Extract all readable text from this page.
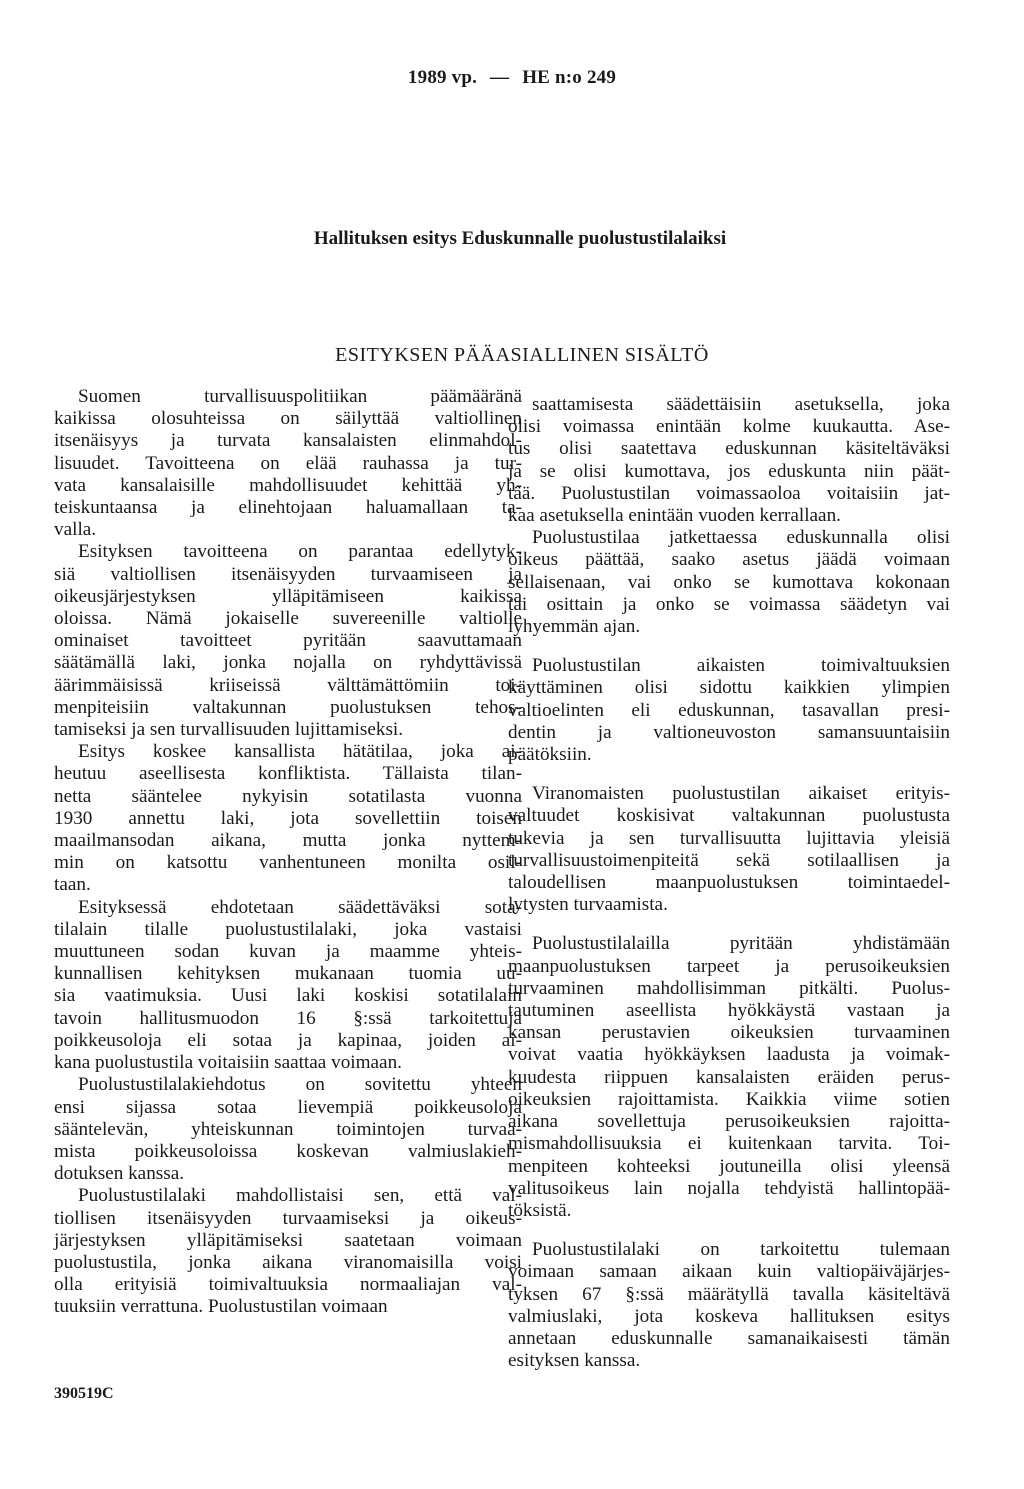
1989 vp. — HE n:o 249
Hallituksen esitys Eduskunnalle puolustustilalaiksi
ESITYKSEN PÄÄASIALLINEN SISÄLTÖ
Suomen turvallisuuspolitiikan päämääränä
kaikissa olosuhteissa on säilyttää valtiollinen
itsenäisyys ja turvata kansalaisten elinmahdol-
lisuudet. Tavoitteena on elää rauhassa ja tur-
vata kansalaisille mahdollisuudet kehittää yh-
teiskuntaansa ja elinehtojaan haluamallaan ta-
valla.
Esityksen tavoitteena on parantaa edellytyk-
siä valtiollisen itsenäisyyden turvaamiseen ja
oikeusjärjestyksen ylläpitämiseen kaikissa
oloissa. Nämä jokaiselle suvereenille valtiolle
ominaiset tavoitteet pyritään saavuttamaan
säätämällä laki, jonka nojalla on ryhdyttävissä
äärimmäisissä kriiseissä välttämättömiin toi-
menpiteisiin valtakunnan puolustuksen tehos-
tamiseksi ja sen turvallisuuden lujittamiseksi.
Esitys koskee kansallista hätätilaa, joka ai-
heutuu aseellisesta konfliktista. Tällaista tilan-
netta sääntelee nykyisin sotatilasta vuonna
1930 annettu laki, jota sovellettiin toisen
maailmansodan aikana, mutta jonka nyttem-
min on katsottu vanhentuneen monilta osil-
taan.
Esityksessä ehdotetaan säädettäväksi sota-
tilalain tilalle puolustustilalaki, joka vastaisi
muuttuneen sodan kuvan ja maamme yhteis-
kunnallisen kehityksen mukanaan tuomia uu-
sia vaatimuksia. Uusi laki koskisi sotatilalain
tavoin hallitusmuodon 16 §:ssä tarkoitettuja
poikkeusoloja eli sotaa ja kapinaa, joiden ai-
kana puolustustila voitaisiin saattaa voimaan.
Puolustustilalakiehdotus on sovitettu yhteen
ensi sijassa sotaa lievempiä poikkeusoloja
sääntelevän, yhteiskunnan toimintojen turvaa-
mista poikkeusoloissa koskevan valmiuslakieh-
dotuksen kanssa.
Puolustustilalaki mahdollistaisi sen, että val-
tiollisen itsenäisyyden turvaamiseksi ja oikeus-
järjestyksen ylläpitämiseksi saatetaan voimaan
puolustustila, jonka aikana viranomaisilla voisi
olla erityisiä toimivaltuuksia normaaliajan val-
tuuksiin verrattuna. Puolustustilan voimaan
saattamisesta säädettäisiin asetuksella, joka
olisi voimassa enintään kolme kuukautta. Ase-
tus olisi saatettava eduskunnan käsiteltäväksi
ja se olisi kumottava, jos eduskunta niin päät-
tää. Puolustustilan voimassaoloa voitaisiin jat-
kaa asetuksella enintään vuoden kerrallaan.
Puolustustilaa jatkettaessa eduskunnalla olisi
oikeus päättää, saako asetus jäädä voimaan
sellaisenaan, vai onko se kumottava kokonaan
tai osittain ja onko se voimassa säädetyn vai
lyhyemmän ajan.
Puolustustilan aikaisten toimivaltuuksien
käyttäminen olisi sidottu kaikkien ylimpien
valtioelinten eli eduskunnan, tasavallan presi-
dentin ja valtioneuvoston samansuuntaisiin
päätöksiin.
Viranomaisten puolustustilan aikaiset erityis-
valtuudet koskisivat valtakunnan puolustusta
tukevia ja sen turvallisuutta lujittavia yleisiä
turvallisuustoimenpiteitä sekä sotilaallisen ja
taloudellisen maanpuolustuksen toimintaedel-
lytysten turvaamista.
Puolustustilalailla pyritään yhdistämään
maanpuolustuksen tarpeet ja perusoikeuksien
turvaaminen mahdollisimman pitkälti. Puolus-
tautuminen aseellista hyökkäystä vastaan ja
kansan perustavien oikeuksien turvaaminen
voivat vaatia hyökkäyksen laadusta ja voimak-
kuudesta riippuen kansalaisten eräiden perus-
oikeuksien rajoittamista. Kaikkia viime sotien
aikana sovellettuja perusoikeuksien rajoitta-
mismahdollisuuksia ei kuitenkaan tarvita. Toi-
menpiteen kohteeksi joutuneilla olisi yleensä
valitusoikeus lain nojalla tehdyistä hallintopää-
töksistä.
Puolustustilalaki on tarkoitettu tulemaan
voimaan samaan aikaan kuin valtiopäiväjärjes-
tyksen 67 §:ssä määrätyllä tavalla käsiteltävä
valmiuslaki, jota koskeva hallituksen esitys
annetaan eduskunnalle samanaikaisesti tämän
esityksen kanssa.
390519C
